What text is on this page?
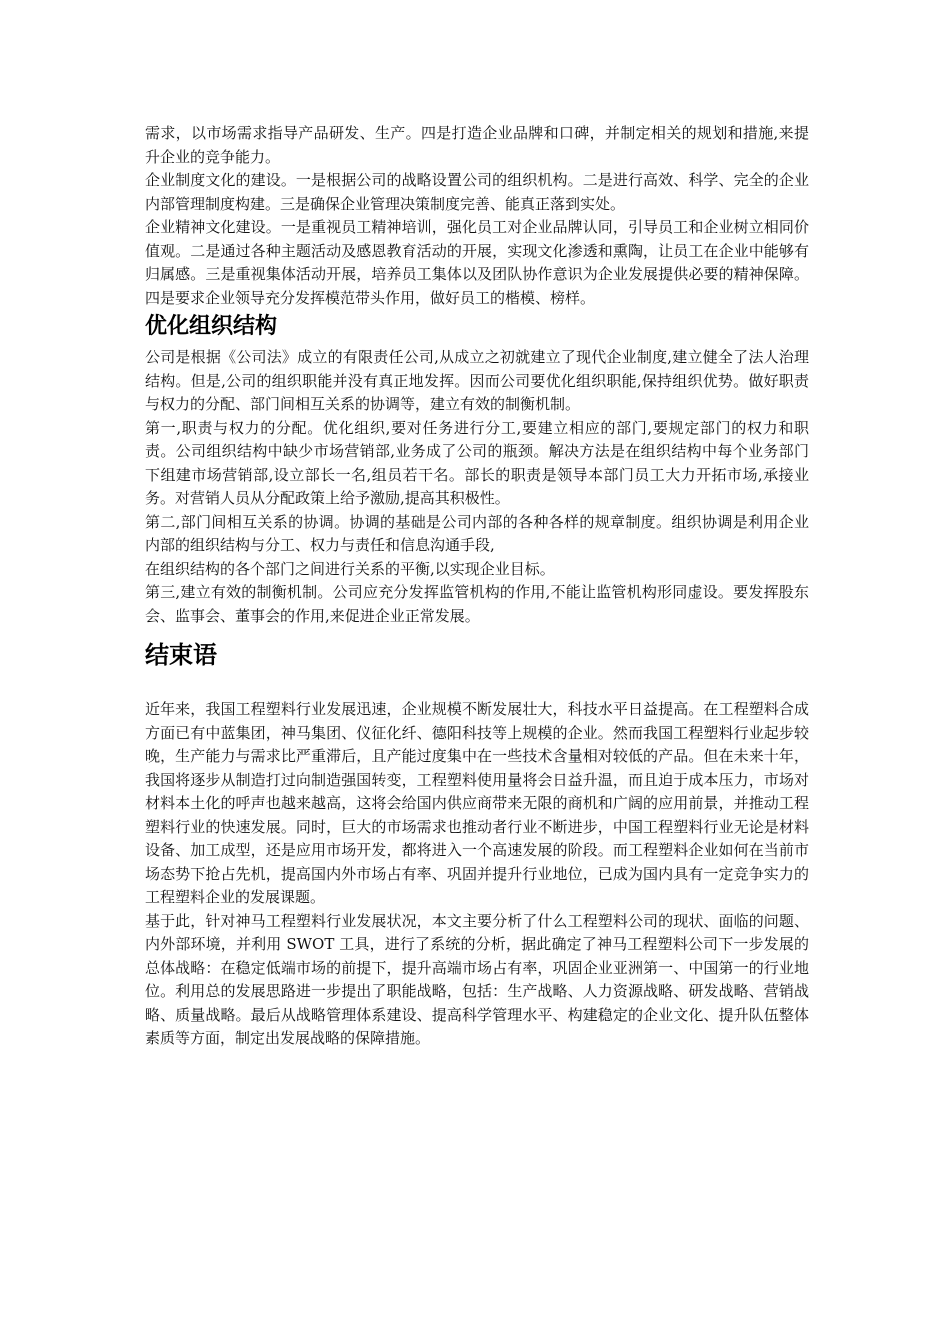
需求，以市场需求指导产品研发、生产。四是打造企业品牌和口碑，并制定相关的规划和措施,来提升企业的竞争能力。

企业制度文化的建设。一是根据公司的战略设置公司的组织机构。二是进行高效、科学、完全的企业内部管理制度构建。三是确保企业管理决策制度完善、能真正落到实处。

企业精神文化建设。一是重视员工精神培训，强化员工对企业品牌认同，引导员工和企业树立相同价值观。二是通过各种主题活动及感恩教育活动的开展，实现文化渗透和熏陶，让员工在企业中能够有归属感。三是重视集体活动开展，培养员工集体以及团队协作意识为企业发展提供必要的精神保障。四是要求企业领导充分发挥模范带头作用，做好员工的楷模、榜样。

优化组织结构

公司是根据《公司法》成立的有限责任公司,从成立之初就建立了现代企业制度,建立健全了法人治理结构。但是,公司的组织职能并没有真正地发挥。因而公司要优化组织职能,保持组织优势。做好职责与权力的分配、部门间相互关系的协调等，建立有效的制衡机制。

第一,职责与权力的分配。优化组织,要对任务进行分工,要建立相应的部门,要规定部门的权力和职责。公司组织结构中缺少市场营销部,业务成了公司的瓶颈。解决方法是在组织结构中每个业务部门下组建市场营销部,设立部长一名,组员若干名。部长的职责是领导本部门员工大力开拓市场,承接业务。对营销人员从分配政策上给予激励,提高其积极性。

第二,部门间相互关系的协调。协调的基础是公司内部的各种各样的规章制度。组织协调是利用企业内部的组织结构与分工、权力与责任和信息沟通手段,
在组织结构的各个部门之间进行关系的平衡,以实现企业目标。

第三,建立有效的制衡机制。公司应充分发挥监管机构的作用,不能让监管机构形同虚设。要发挥股东会、监事会、董事会的作用,来促进企业正常发展。

结束语

近年来，我国工程塑料行业发展迅速，企业规模不断发展壮大，科技水平日益提高。在工程塑料合成方面已有中蓝集团，神马集团、仪征化纤、德阳科技等上规模的企业。然而我国工程塑料行业起步较晚，生产能力与需求比严重滞后，且产能过度集中在一些技术含量相对较低的产品。但在未来十年，我国将逐步从制造打过向制造强国转变，工程塑料使用量将会日益升温，而且迫于成本压力，市场对材料本土化的呼声也越来越高，这将会给国内供应商带来无限的商机和广阔的应用前景，并推动工程塑料行业的快速发展。同时，巨大的市场需求也推动者行业不断进步，中国工程塑料行业无论是材料设备、加工成型，还是应用市场开发，都将进入一个高速发展的阶段。而工程塑料企业如何在当前市场态势下抢占先机，提高国内外市场占有率、巩固并提升行业地位，已成为国内具有一定竞争实力的工程塑料企业的发展课题。

基于此，针对神马工程塑料行业发展状况，本文主要分析了什么工程塑料公司的现状、面临的问题、内外部环境，并利用 SWOT 工具，进行了系统的分析，据此确定了神马工程塑料公司下一步发展的总体战略：在稳定低端市场的前提下，提升高端市场占有率，巩固企业亚洲第一、中国第一的行业地位。利用总的发展思路进一步提出了职能战略，包括：生产战略、人力资源战略、研发战略、营销战略、质量战略。最后从战略管理体系建设、提高科学管理水平、构建稳定的企业文化、提升队伍整体素质等方面，制定出发展战略的保障措施。
